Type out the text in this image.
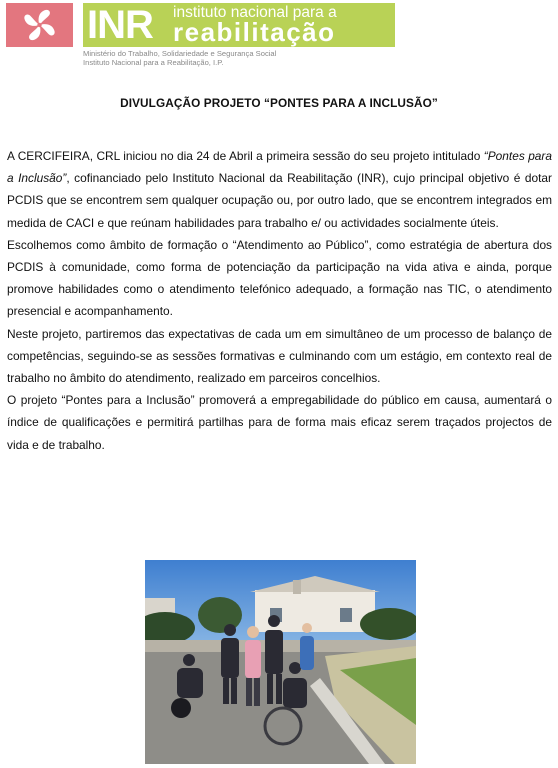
INR instituto nacional para a
reabilitação
Ministério do Trabalho, Solidariedade e Segurança Social
Instituto Nacional para a Reabilitação, I.P.
DIVULGAÇÃO PROJETO “PONTES PARA A INCLUSÃO”

A CERCIFEIRA, CRL iniciou no dia 24 de Abril a primeira sessão do seu projeto intitulado “Pontes para a Inclusão”, cofinanciado pelo Instituto Nacional da Reabilitação (INR), cujo principal objetivo é dotar PCDIS que se encontrem sem qualquer ocupação ou, por outro lado, que se encontrem integrados em medida de CACI e que reúnam habilidades para trabalho e/ ou actividades socialmente úteis.

Escolhemos como âmbito de formação o “Atendimento ao Público”, como estratégia de abertura dos PCDIS à comunidade, como forma de potenciação da participação na vida ativa e ainda, porque promove habilidades como o atendimento telefónico adequado, a formação nas TIC, o atendimento presencial e acompanhamento.

Neste projeto, partiremos das expectativas de cada um em simultâneo de um processo de balanço de competências, seguindo-se as sessões formativas e culminando com um estágio, em contexto real de trabalho no âmbito do atendimento, realizado em parceiros concelhios.

O projeto “Pontes para a Inclusão” promoverá a empregabilidade do público em causa, aumentará o índice de qualificações e permitirá partilhas para de forma mais eficaz serem traçados projectos de vida e de trabalho.
